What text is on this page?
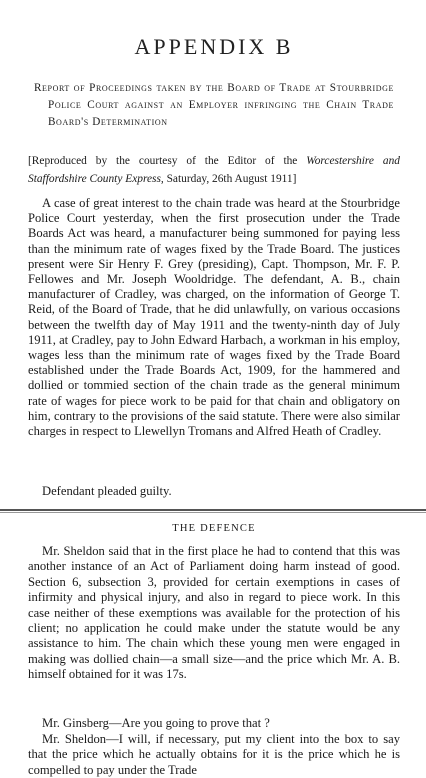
APPENDIX B
Report of Proceedings taken by the Board of Trade at Stourbridge Police Court against an Employer infringing the Chain Trade Board's Determination
[Reproduced by the courtesy of the Editor of the Worcestershire and Staffordshire County Express, Saturday, 26th August 1911]

A case of great interest to the chain trade was heard at the Stourbridge Police Court yesterday, when the first prosecution under the Trade Boards Act was heard, a manufacturer being summoned for paying less than the minimum rate of wages fixed by the Trade Board. The justices present were Sir Henry F. Grey (presiding), Capt. Thompson, Mr. F. P. Fellowes and Mr. Joseph Wooldridge. The defendant, A. B., chain manufacturer of Cradley, was charged, on the information of George T. Reid, of the Board of Trade, that he did unlawfully, on various occasions between the twelfth day of May 1911 and the twenty-ninth day of July 1911, at Cradley, pay to John Edward Harbach, a workman in his employ, wages less than the minimum rate of wages fixed by the Trade Board established under the Trade Boards Act, 1909, for the hammered and dollied or tommied section of the chain trade as the general minimum rate of wages for piece work to be paid for that chain and obligatory on him, contrary to the provisions of the said statute. There were also similar charges in respect to Llewellyn Tromans and Alfred Heath of Cradley.

Defendant pleaded guilty.
THE DEFENCE

Mr. Sheldon said that in the first place he had to contend that this was another instance of an Act of Parliament doing harm instead of good. Section 6, subsection 3, provided for certain exemptions in cases of infirmity and physical injury, and also in regard to piece work. In this case neither of these exemptions was available for the protection of his client; no application he could make under the statute would be any assistance to him. The chain which these young men were engaged in making was dollied chain—a small size—and the price which Mr. A. B. himself obtained for it was 17s.

Mr. Ginsberg—Are you going to prove that ?

Mr. Sheldon—I will, if necessary, put my client into the box to say that the price which he actually obtains for it is the price which he is compelled to pay under the Trade
